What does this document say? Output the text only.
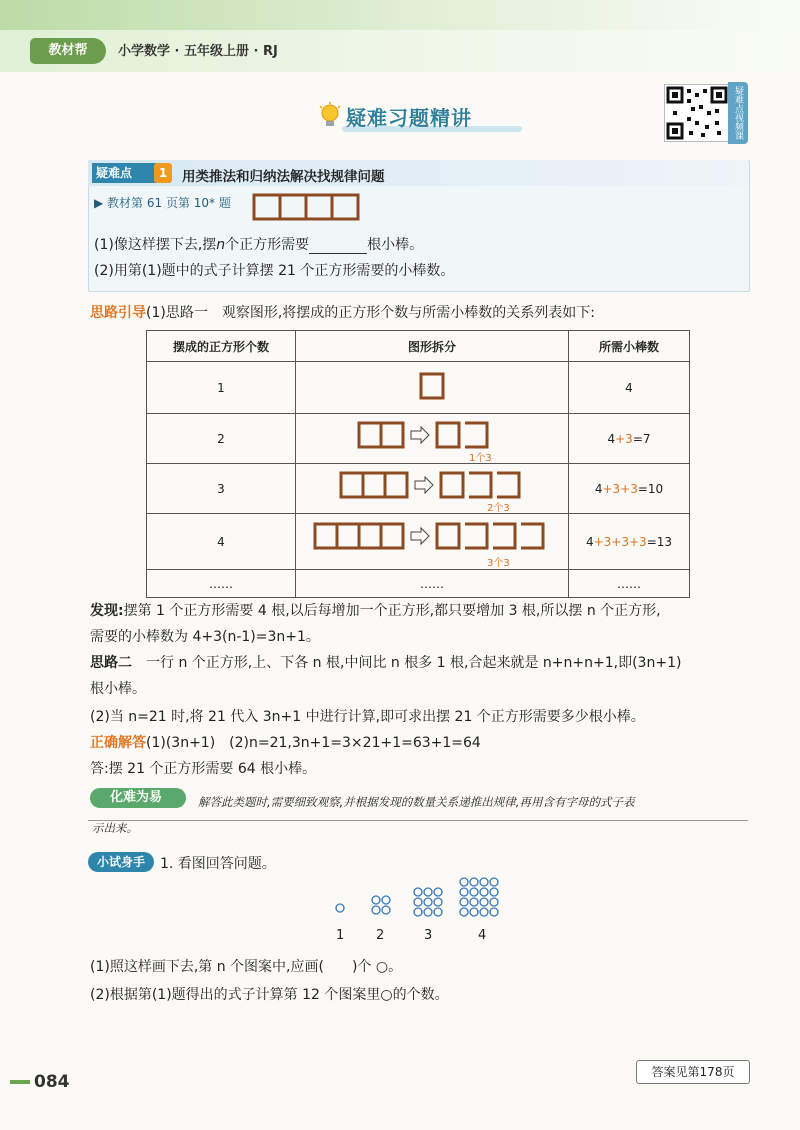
教材帮	小学数学 · 五年级上册 · RJ
疑难习题精讲	疑难点视频课
疑难点	1	用类推法和归纳法解决找规律问题
▶ 教材第 61 页第 10* 题
(1)像这样摆下去,摆n个正方形需要	根小棒。
(2)用第(1)题中的式子计算摆 21 个正方形需要的小棒数。
思路引导(1)思路一　观察图形,将摆成的正方形个数与所需小棒数的关系列表如下:
摆成的正方形个数	图形拆分	所需小棒数
1		4
2	1个3	4+3=7
3	2个3	4+3+3=10
4	3个3	4+3+3+3=13
……	……	……
发现:摆第 1 个正方形需要 4 根,以后每增加一个正方形,都只要增加 3 根,所以摆 n 个正方形,
需要的小棒数为 4+3(n-1)=3n+1。
思路二　一行 n 个正方形,上、下各 n 根,中间比 n 根多 1 根,合起来就是 n+n+n+1,即(3n+1)
根小棒。
(2)当 n=21 时,将 21 代入 3n+1 中进行计算,即可求出摆 21 个正方形需要多少根小棒。
正确解答(1)(3n+1)　(2)n=21,3n+1=3×21+1=63+1=64
答:摆 21 个正方形需要 64 根小棒。
化难为易	解答此类题时,需要细致观察,并根据发现的数量关系递推出规律,再用含有字母的式子表
示出来。
小试身手	1. 看图回答问题。
1 2	3	4
(1)照这样画下去,第 n 个图案中,应画(　　)个 ○。
(2)根据第(1)题得出的式子计算第 12 个图案里○的个数。
084	答案见第178页
